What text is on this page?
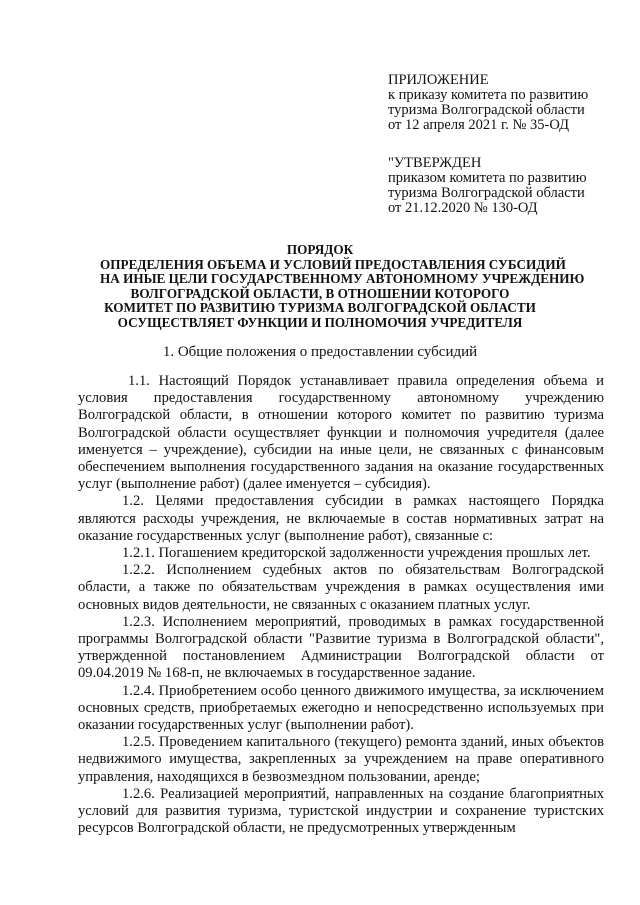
ПРИЛОЖЕНИЕ
к приказу комитета по развитию
туризма Волгоградской области
от 12 апреля 2021 г. № 35-ОД
"УТВЕРЖДЕН
приказом комитета по развитию
туризма Волгоградской области
от 21.12.2020 № 130-ОД
ПОРЯДОК
ОПРЕДЕЛЕНИЯ ОБЪЕМА И УСЛОВИЙ ПРЕДОСТАВЛЕНИЯ СУБСИДИЙ
НА ИНЫЕ ЦЕЛИ ГОСУДАРСТВЕННОМУ АВТОНОМНОМУ УЧРЕЖДЕНИЮ
ВОЛГОГРАДСКОЙ ОБЛАСТИ, В ОТНОШЕНИИ КОТОРОГО
КОМИТЕТ ПО РАЗВИТИЮ ТУРИЗМА ВОЛГОГРАДСКОЙ ОБЛАСТИ
ОСУЩЕСТВЛЯЕТ ФУНКЦИИ И ПОЛНОМОЧИЯ УЧРЕДИТЕЛЯ
1. Общие положения о предоставлении субсидий

1.1. Настоящий Порядок устанавливает правила определения объема и условия предоставления государственному автономному учреждению Волгоградской области, в отношении которого комитет по развитию туризма Волгоградской области осуществляет функции и полномочия учредителя (далее именуется – учреждение), субсидии на иные цели, не связанных с финансовым обеспечением выполнения государственного задания на оказание государственных услуг (выполнение работ) (далее именуется – субсидия).

1.2. Целями предоставления субсидии в рамках настоящего Порядка являются расходы учреждения, не включаемые в состав нормативных затрат на оказание государственных услуг (выполнение работ), связанные с:

1.2.1. Погашением кредиторской задолженности учреждения прошлых лет.

1.2.2. Исполнением судебных актов по обязательствам Волгоградской области, а также по обязательствам учреждения в рамках осуществления ими основных видов деятельности, не связанных с оказанием платных услуг.

1.2.3. Исполнением мероприятий, проводимых в рамках государственной программы Волгоградской области "Развитие туризма в Волгоградской области", утвержденной постановлением Администрации Волгоградской области от 09.04.2019 № 168-п, не включаемых в государственное задание.

1.2.4. Приобретением особо ценного движимого имущества, за исключением основных средств, приобретаемых ежегодно и непосредственно используемых при оказании государственных услуг (выполнении работ).

1.2.5. Проведением капитального (текущего) ремонта зданий, иных объектов недвижимого имущества, закрепленных за учреждением на праве оперативного управления, находящихся в безвозмездном пользовании, аренде;

1.2.6. Реализацией мероприятий, направленных на создание благоприятных условий для развития туризма, туристской индустрии и сохранение туристских ресурсов Волгоградской области, не предусмотренных утвержденным
